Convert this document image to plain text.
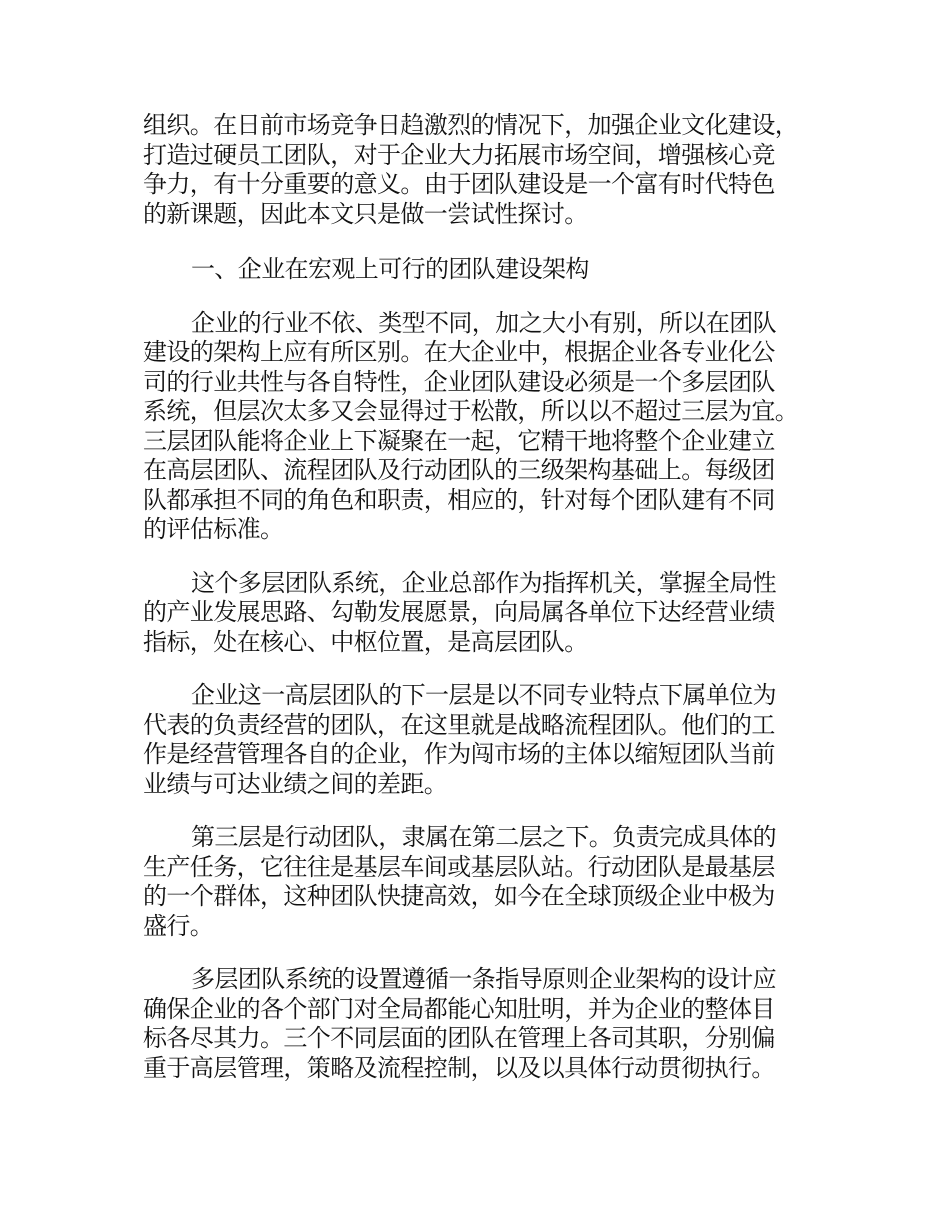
组织。在日前市场竞争日趋激烈的情况下，加强企业文化建设，
打造过硬员工团队，对于企业大力拓展市场空间，增强核心竞
争力，有十分重要的意义。由于团队建设是一个富有时代特色
的新课题，因此本文只是做一尝试性探讨。

一、企业在宏观上可行的团队建设架构

企业的行业不依、类型不同，加之大小有别，所以在团队
建设的架构上应有所区别。在大企业中，根据企业各专业化公
司的行业共性与各自特性，企业团队建设必须是一个多层团队
系统，但层次太多又会显得过于松散，所以以不超过三层为宜。
三层团队能将企业上下凝聚在一起，它精干地将整个企业建立
在高层团队、流程团队及行动团队的三级架构基础上。每级团
队都承担不同的角色和职责，相应的，针对每个团队建有不同
的评估标准。

这个多层团队系统，企业总部作为指挥机关，掌握全局性
的产业发展思路、勾勒发展愿景，向局属各单位下达经营业绩
指标，处在核心、中枢位置，是高层团队。

企业这一高层团队的下一层是以不同专业特点下属单位为
代表的负责经营的团队，在这里就是战略流程团队。他们的工
作是经营管理各自的企业，作为闯市场的主体以缩短团队当前
业绩与可达业绩之间的差距。

第三层是行动团队，隶属在第二层之下。负责完成具体的
生产任务，它往往是基层车间或基层队站。行动团队是最基层
的一个群体，这种团队快捷高效，如今在全球顶级企业中极为
盛行。

多层团队系统的设置遵循一条指导原则企业架构的设计应
确保企业的各个部门对全局都能心知肚明，并为企业的整体目
标各尽其力。三个不同层面的团队在管理上各司其职，分别偏
重于高层管理，策略及流程控制，以及以具体行动贯彻执行。
